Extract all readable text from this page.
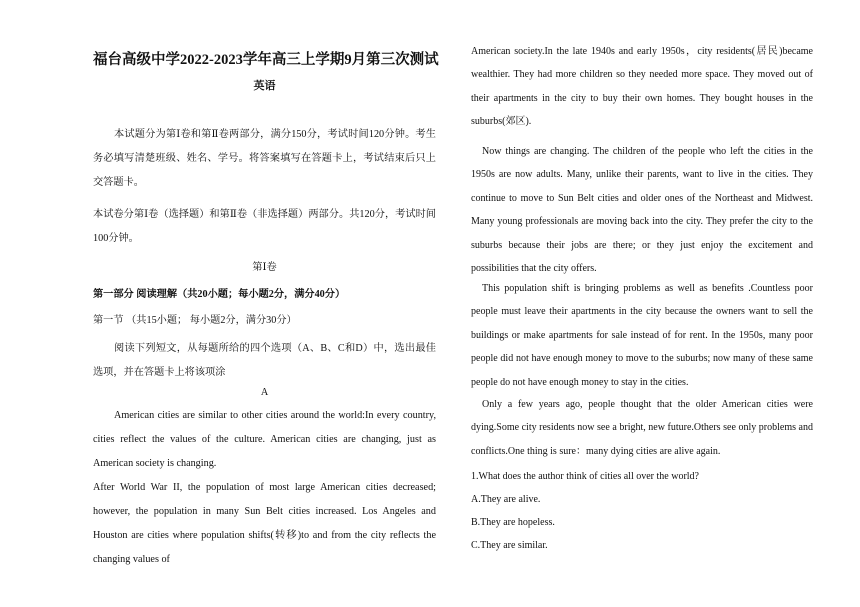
福台高级中学2022-2023学年高三上学期9月第三次测试
英语

本试题分为第Ⅰ卷和第Ⅱ卷两部分，满分150分，考试时间120分钟。考生务必填写清楚班级、姓名、学号。将答案填写在答题卡上，考试结束后只上交答题卡。

本试卷分第Ⅰ卷（选择题）和第Ⅱ卷（非选择题）两部分。共120分，考试时间100分钟。

第Ⅰ卷

第一部分 阅读理解（共20小题；每小题2分，满分40分）

第一节 （共15小题； 每小题2分，满分30分）

阅读下列短文，从每题所给的四个选项（A、B、C和D）中，选出最佳选项，并在答题卡上将该项涂

A

American cities are similar to other cities around the world:In every country, cities reflect the values of the culture. American cities are changing, just as American society is changing.

After World War II, the population of most large American cities decreased; however, the population in many Sun Belt cities increased. Los Angeles and Houston are cities where population shifts(转移)to and from the city reflects the changing values of

American society.In the late 1940s and early 1950s，city residents(居民)became wealthier. They had more children so they needed more space. They moved out of their apartments in the city to buy their own homes. They bought houses in the suburbs(郊区).

Now things are changing. The children of the people who left the cities in the 1950s are now adults. Many, unlike their parents, want to live in the cities. They continue to move to Sun Belt cities and older ones of the Northeast and Midwest. Many young professionals are moving back into the city. They prefer the city to the suburbs because their jobs are there; or they just enjoy the excitement and possibilities that the city offers.

This population shift is bringing problems as well as benefits .Countless poor people must leave their apartments in the city because the owners want to sell the buildings or make apartments for sale instead of for rent. In the 1950s, many poor people did not have enough money to move to the suburbs; now many of these same people do not have enough money to stay in the cities.

Only a few years ago, people thought that the older American cities were dying.Some city residents now see a bright, new future.Others see only problems and conflicts.One thing is sure：many dying cities are alive again.

1.What does the author think of cities all over the world?

A.They are alive.

B.They are hopeless.

C.They are similar.
